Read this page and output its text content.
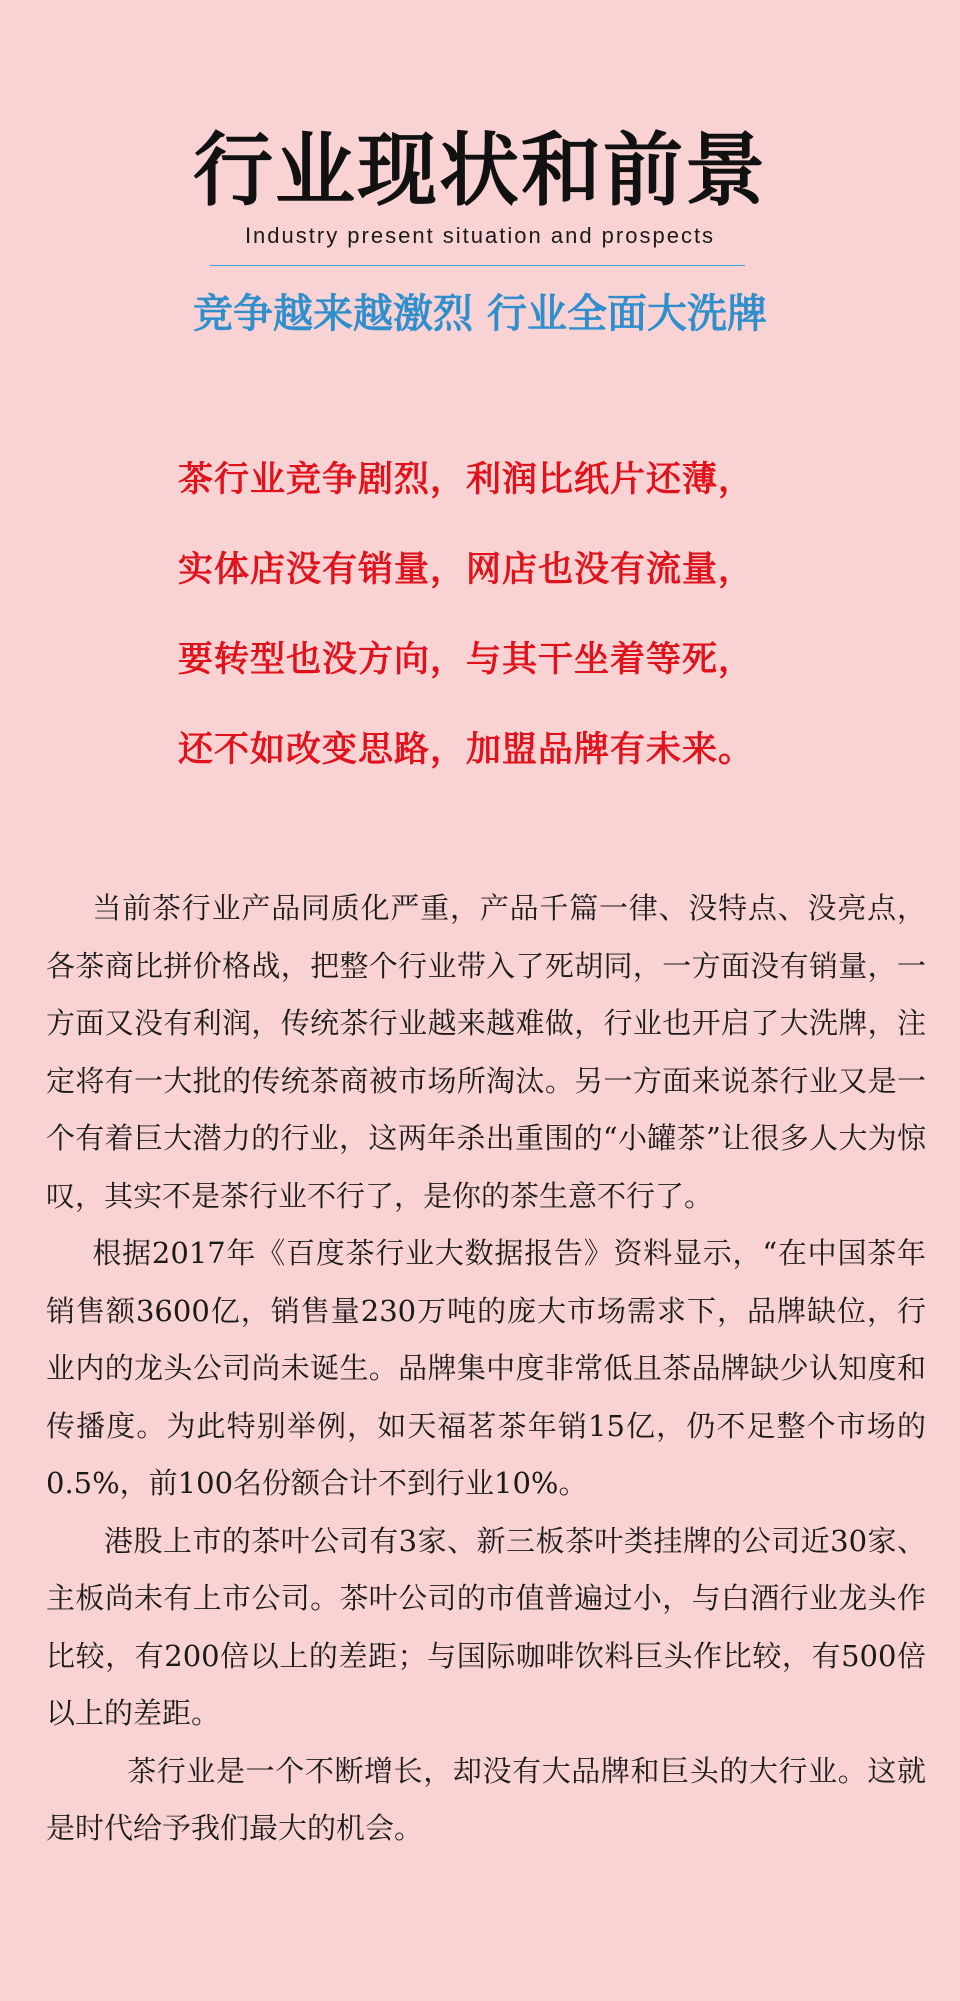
行业现状和前景
Industry present situation and prospects
竞争越来越激烈 行业全面大洗牌
茶行业竞争剧烈，利润比纸片还薄，
实体店没有销量，网店也没有流量，
要转型也没方向，与其干坐着等死，
还不如改变思路，加盟品牌有未来。

当前茶行业产品同质化严重，产品千篇一律、没特点、没亮点，各茶商比拼价格战，把整个行业带入了死胡同，一方面没有销量，一方面又没有利润，传统茶行业越来越难做，行业也开启了大洗牌，注定将有一大批的传统茶商被市场所淘汰。另一方面来说茶行业又是一个有着巨大潜力的行业，这两年杀出重围的“小罐茶”让很多人大为惊叹，其实不是茶行业不行了，是你的茶生意不行了。

根据2017年《百度茶行业大数据报告》资料显示，“在中国茶年销售额3600亿，销售量230万吨的庞大市场需求下，品牌缺位，行业内的龙头公司尚未诞生。品牌集中度非常低且茶品牌缺少认知度和传播度。为此特别举例，如天福茗茶年销15亿，仍不足整个市场的0.5%，前100名份额合计不到行业10%。

港股上市的茶叶公司有3家、新三板茶叶类挂牌的公司近30家、主板尚未有上市公司。茶叶公司的市值普遍过小，与白酒行业龙头作比较，有200倍以上的差距；与国际咖啡饮料巨头作比较，有500倍以上的差距。

茶行业是一个不断增长，却没有大品牌和巨头的大行业。这就是时代给予我们最大的机会。
